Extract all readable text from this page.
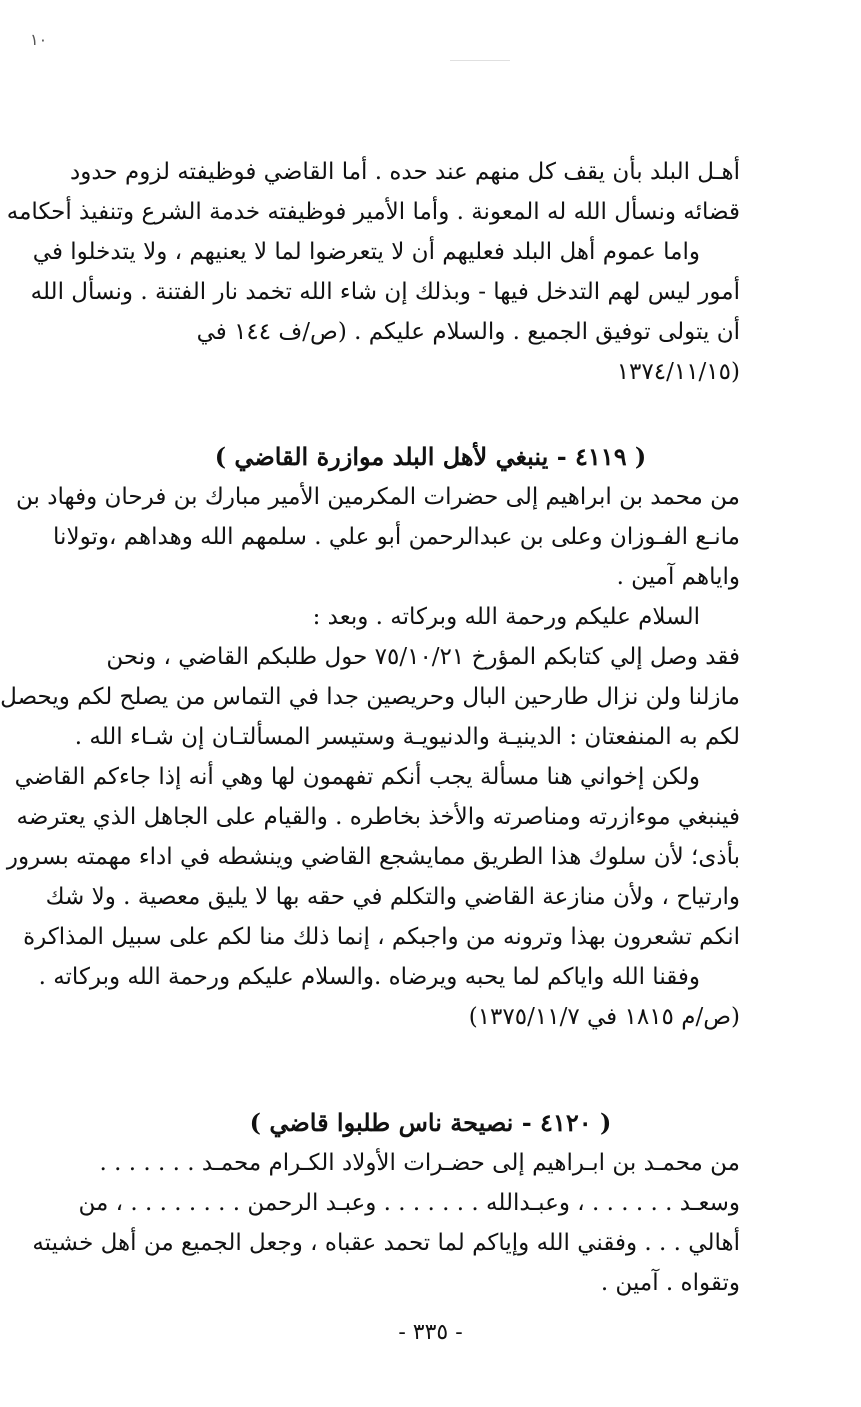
۱۰
أهـل البلد بأن يقف كل منهم عند حده . أما القاضي فوظيفته لزوم حدود
قضائه ونسأل الله له المعونة . وأما الأمير فوظيفته خدمة الشرع وتنفيذ أحكامه
واما عموم أهل البلد فعليهم أن لا يتعرضوا لما لا يعنيهم ، ولا يتدخلوا في
أمور ليس لهم التدخل فيها - وبذلك إن شاء الله تخمد نار الفتنة . ونسأل الله
أن يتولى توفيق الجميع . والسلام عليكم . (ص/ف ١٤٤ في
(١٣٧٤/١١/١٥
( ٤١١٩ - ينبغي لأهل البلد موازرة القاضي )
من محمد بن ابراهيم إلى حضرات المكرمين الأمير مبارك بن فرحان وفهاد بن
مانـع الفـوزان وعلى بن عبدالرحمن أبو علي . سلمهم الله وهداهم ،وتولانا
واياهم آمين .
السلام عليكم ورحمة الله وبركاته . وبعد :
فقد وصل إلي كتابكم المؤرخ ٧٥/١٠/٢١ حول طلبكم القاضي ، ونحن
مازلنا ولن نزال طارحين البال وحريصين جدا في التماس من يصلح لكم ويحصل
لكم به المنفعتان : الدينيـة والدنيويـة وستيسر المسألتـان إن شـاء الله .
ولكن إخواني هنا مسألة يجب أنكم تفهمون لها وهي أنه إذا جاءكم القاضي
فينبغي موءازرته ومناصرته والأخذ بخاطره . والقيام على الجاهل الذي يعترضه
بأذى؛ لأن سلوك هذا الطريق ممايشجع القاضي وينشطه في اداء مهمته بسرور
وارتياح ، ولأن منازعة القاضي والتكلم في حقه بها لا يليق معصية . ولا شك
انكم تشعرون بهذا وترونه من واجبكم ، إنما ذلك منا لكم على سبيل المذاكرة
وفقنا الله واياكم لما يحبه ويرضاه .والسلام عليكم ورحمة الله وبركاته .
(ص/م ١٨١٥ في ١٣٧٥/١١/٧)
( ٤١٢٠ - نصيحة ناس طلبوا قاضي )
من محمـد بن ابـراهيم إلى حضـرات الأولاد الكـرام محمـد . . . . . . .
وسعـد . . . . . . ، وعبـدالله . . . . . . . وعبـد الرحمن . . . . . . . . ، من
أهالي . . . وفقني الله وإياكم لما تحمد عقباه ، وجعل الجميع من أهل خشيته
وتقواه . آمين .
- ٣٣٥ -
